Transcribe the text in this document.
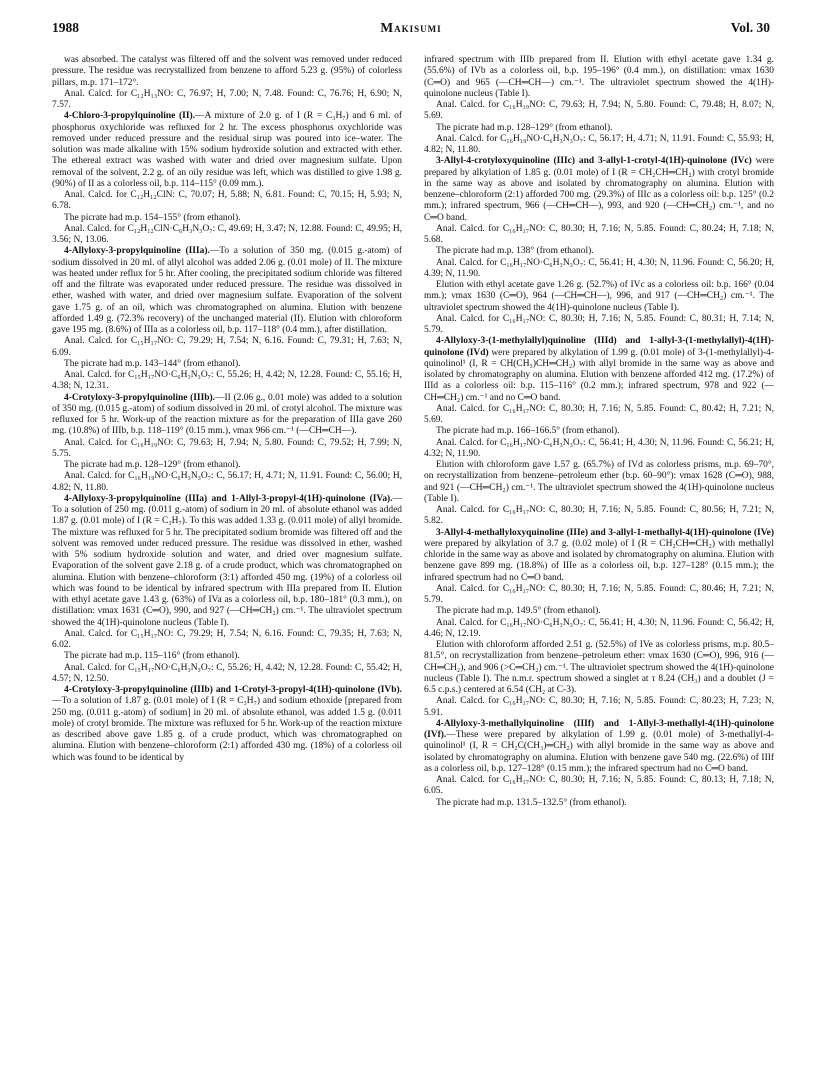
1988	Makisumi	Vol. 30

was absorbed. The catalyst was filtered off and the solvent was removed under reduced pressure. The residue was recrystallized from benzene to afford 5.23 g. (95%) of colorless pillars, m.p. 171–172°.

Anal. Calcd. for C₁₂H₁₃NO: C, 76.97; H, 7.00; N, 7.48. Found: C, 76.76; H, 6.90; N, 7.57.

4-Chloro-3-propylquinoline (II).—A mixture of 2.0 g. of I (R = C₃H₇) and 6 ml. of phosphorus oxychloride was refluxed for 2 hr. The excess phosphorus oxychloride was removed under reduced pressure and the residual sirup was poured into ice–water. The solution was made alkaline with 15% sodium hydroxide solution and extracted with ether. The ethereal extract was washed with water and dried over magnesium sulfate. Upon removal of the solvent, 2.2 g. of an oily residue was left, which was distilled to give 1.98 g. (90%) of II as a colorless oil, b.p. 114–115° (0.09 mm.).

Anal. Calcd. for C₁₂H₁₂ClN: C, 70.07; H, 5.88; N, 6.81. Found: C, 70.15; H, 5.93; N, 6.78.

The picrate had m.p. 154–155° (from ethanol).

Anal. Calcd. for C₁₂H₁₂ClN·C₆H₃N₃O₇: C, 49.69; H, 3.47; N, 12.88. Found: C, 49.95; H, 3.56; N, 13.06.

4-Allyloxy-3-propylquinoline (IIIa).—To a solution of 350 mg. (0.015 g.-atom) of sodium dissolved in 20 ml. of allyl alcohol was added 2.06 g. (0.01 mole) of II. The mixture was heated under reflux for 5 hr. After cooling, the precipitated sodium chloride was filtered off and the filtrate was evaporated under reduced pressure. The residue was dissolved in ether, washed with water, and dried over magnesium sulfate. Evaporation of the solvent gave 1.75 g. of an oil, which was chromatographed on alumina. Elution with benzene afforded 1.49 g. (72.3% recovery) of the unchanged material (II). Elution with chloroform gave 195 mg. (8.6%) of IIIa as a colorless oil, b.p. 117–118° (0.4 mm.), after distillation.

Anal. Calcd. for C₁₅H₁₇NO: C, 79.29; H, 7.54; N, 6.16. Found: C, 79.31; H, 7.63; N, 6.09.

The picrate had m.p. 143–144° (from ethanol).

Anal. Calcd. for C₁₅H₁₇NO·C₆H₃N₃O₇: C, 55.26; H, 4.42; N, 12.28. Found: C, 55.16; H, 4.38; N, 12.31.

4-Crotyloxy-3-propylquinoline (IIIb).—II (2.06 g., 0.01 mole) was added to a solution of 350 mg. (0.015 g.-atom) of sodium dissolved in 20 ml. of crotyl alcohol. The mixture was refluxed for 5 hr. Work-up of the reaction mixture as for the preparation of IIIa gave 260 mg. (10.8%) of IIIb, b.p. 118–119° (0.15 mm.), νmax 966 cm.⁻¹ (—CH═CH—).

Anal. Calcd. for C₁₆H₁₉NO: C, 79.63; H, 7.94; N, 5.80. Found: C, 79.52; H, 7.99; N, 5.75.

The picrate had m.p. 128–129° (from ethanol).

Anal. Calcd. for C₁₆H₁₉NO·C₆H₃N₃O₇: C, 56.17; H, 4.71; N, 11.91. Found: C, 56.00; H, 4.82; N, 11.80.

4-Allyloxy-3-propylquinoline (IIIa) and 1-Allyl-3-propyl-4(1H)-quinolone (IVa).—To a solution of 250 mg. (0.011 g.-atom) of sodium in 20 ml. of absolute ethanol was added 1.87 g. (0.01 mole) of I (R = C₃H₇). To this was added 1.33 g. (0.011 mole) of allyl bromide. The mixture was refluxed for 5 hr. The precipitated sodium bromide was filtered off and the solvent was removed under reduced pressure. The residue was dissolved in ether, washed with 5% sodium hydroxide solution and water, and dried over magnesium sulfate. Evaporation of the solvent gave 2.18 g. of a crude product, which was chromatographed on alumina. Elution with benzene–chloroform (3:1) afforded 450 mg. (19%) of a colorless oil which was found to be identical by infrared spectrum with IIIa prepared from II. Elution with ethyl acetate gave 1.43 g. (63%) of IVa as a colorless oil, b.p. 180–181° (0.3 mm.), on distillation: νmax 1631 (C═O), 990, and 927 (—CH═CH₂) cm.⁻¹. The ultraviolet spectrum showed the 4(1H)-quinolone nucleus (Table I).

Anal. Calcd. for C₁₅H₁₇NO: C, 79.29; H, 7.54; N, 6.16. Found: C, 79.35; H, 7.63; N, 6.02.

The picrate had m.p. 115–116° (from ethanol).

Anal. Calcd. for C₁₅H₁₇NO·C₆H₃N₃O₇: C, 55.26; H, 4.42; N, 12.28. Found: C, 55.42; H, 4.57; N, 12.50.

4-Crotyloxy-3-propylquinoline (IIIb) and 1-Crotyl-3-propyl-4(1H)-quinolone (IVb).—To a solution of 1.87 g. (0.01 mole) of I (R = C₃H₇) and sodium ethoxide [prepared from 250 mg. (0.011 g.-atom) of sodium] in 20 ml. of absolute ethanol, was added 1.5 g. (0.011 mole) of crotyl bromide. The mixture was refluxed for 5 hr. Work-up of the reaction mixture as described above gave 1.85 g. of a crude product, which was chromatographed on alumina. Elution with benzene–chloroform (2:1) afforded 430 mg. (18%) of a colorless oil which was found to be identical by

infrared spectrum with IIIb prepared from II. Elution with ethyl acetate gave 1.34 g. (55.6%) of IVb as a colorless oil, b.p. 195–196° (0.4 mm.), on distillation: νmax 1630 (C═O) and 965 (—CH═CH—) cm.⁻¹. The ultraviolet spectrum showed the 4(1H)-quinolone nucleus (Table I).

Anal. Calcd. for C₁₆H₁₉NO: C, 79.63; H, 7.94; N, 5.80. Found: C, 79.48; H, 8.07; N, 5.69.

The picrate had m.p. 128–129° (from ethanol).

Anal. Calcd. for C₁₆H₁₉NO·C₆H₃N₃O₇: C, 56.17; H, 4.71; N, 11.91. Found: C, 55.93; H, 4.82; N, 11.80.

3-Allyl-4-crotyloxyquinoline (IIIc) and 3-allyl-1-crotyl-4(1H)-quinolone (IVc) were prepared by alkylation of 1.85 g. (0.01 mole) of I (R = CH₂CH═CH₂) with crotyl bromide in the same way as above and isolated by chromatography on alumina. Elution with benzene–chloroform (2:1) afforded 700 mg. (29.3%) of IIIc as a colorless oil: b.p. 125° (0.2 mm.); infrared spectrum, 966 (—CH═CH—), 993, and 920 (—CH═CH₂) cm.⁻¹, and no C═O band.

Anal. Calcd. for C₁₆H₁₇NO: C, 80.30; H, 7.16; N, 5.85. Found: C, 80.24; H, 7.18; N, 5.68.

The picrate had m.p. 138° (from ethanol).

Anal. Calcd. for C₁₆H₁₇NO·C₆H₃N₃O₇: C, 56.41; H, 4.30; N, 11.96. Found: C, 56.20; H, 4.39; N, 11.90.

Elution with ethyl acetate gave 1.26 g. (52.7%) of IVc as a colorless oil: b.p. 166° (0.04 mm.); νmax 1630 (C═O), 964 (—CH═CH—), 996, and 917 (—CH═CH₂) cm.⁻¹. The ultraviolet spectrum showed the 4(1H)-quinolone nucleus (Table I).

Anal. Calcd. for C₁₆H₁₇NO: C, 80.30; H, 7.16; N, 5.85. Found: C, 80.31; H, 7.14; N, 5.79.

4-Allyloxy-3-(1-methylallyl)quinoline (IIId) and 1-allyl-3-(1-methylallyl)-4(1H)-quinolone (IVd) were prepared by alkylation of 1.99 g. (0.01 mole) of 3-(1-methylallyl)-4-quinolinol¹ (I, R = CH(CH₃)CH═CH₂) with allyl bromide in the same way as above and isolated by chromatography on alumina. Elution with benzene afforded 412 mg. (17.2%) of IIId as a colorless oil: b.p. 115–116° (0.2 mm.); infrared spectrum, 978 and 922 (—CH═CH₂) cm.⁻¹ and no C═O band.

Anal. Calcd. for C₁₆H₁₇NO: C, 80.30; H, 7.16; N, 5.85. Found: C, 80.42; H, 7.21; N, 5.69.

The picrate had m.p. 166–166.5° (from ethanol).

Anal. Calcd. for C₁₆H₁₇NO·C₆H₃N₃O₇: C, 56.41; H, 4.30; N, 11.96. Found: C, 56.21; H, 4.32; N, 11.90.

Elution with chloroform gave 1.57 g. (65.7%) of IVd as colorless prisms, m.p. 69–70°, on recrystallization from benzene–petroleum ether (b.p. 60–90°): νmax 1628 (C═O), 988, and 921 (—CH═CH₂) cm.⁻¹. The ultraviolet spectrum showed the 4(1H)-quinolone nucleus (Table I).

Anal. Calcd. for C₁₆H₁₇NO: C, 80.30; H, 7.16; N, 5.85. Found: C, 80.56; H, 7.21; N, 5.82.

3-Allyl-4-methallyloxyquinoline (IIIe) and 3-allyl-1-methallyl-4(1H)-quinolone (IVe) were prepared by alkylation of 3.7 g. (0.02 mole) of I (R = CH₂CH═CH₂) with methallyl chloride in the same way as above and isolated by chromatography on alumina. Elution with benzene gave 899 mg. (18.8%) of IIIe as a colorless oil, b.p. 127–128° (0.15 mm.); the infrared spectrum had no C═O band.

Anal. Calcd. for C₁₆H₁₇NO: C, 80.30; H, 7.16; N, 5.85. Found: C, 80.46; H, 7.21; N, 5.79.

The picrate had m.p. 149.5° (from ethanol).

Anal. Calcd. for C₁₆H₁₇NO·C₆H₃N₃O₇: C, 56.41; H, 4.30; N, 11.96. Found: C, 56.42; H, 4.46; N, 12.19.

Elution with chloroform afforded 2.51 g. (52.5%) of IVe as colorless prisms, m.p. 80.5–81.5°, on recrystallization from benzene–petroleum ether: νmax 1630 (C═O), 996, 916 (—CH═CH₂), and 906 (>C═CH₂) cm.⁻¹. The ultraviolet spectrum showed the 4(1H)-quinolone nucleus (Table I). The n.m.r. spectrum showed a singlet at τ 8.24 (CH₃) and a doublet (J = 6.5 c.p.s.) centered at 6.54 (CH₂ at C-3).

Anal. Calcd. for C₁₆H₁₇NO: C, 80.30; H, 7.16; N, 5.85. Found: C, 80.23; H, 7.23; N, 5.91.

4-Allyloxy-3-methallylquinoline (IIIf) and 1-Allyl-3-methallyl-4(1H)-quinolone (IVf).—These were prepared by alkylation of 1.99 g. (0.01 mole) of 3-methallyl-4-quinolinol¹ (I, R = CH₂C(CH₃)═CH₂) with allyl bromide in the same way as above and isolated by chromatography on alumina. Elution with benzene gave 540 mg. (22.6%) of IIIf as a colorless oil, b.p. 127–128° (0.15 mm.); the infrared spectrum had no C═O band.

Anal. Calcd. for C₁₆H₁₇NO: C, 80.30; H, 7.16; N, 5.85. Found: C, 80.13; H, 7.18; N, 6.05.

The picrate had m.p. 131.5–132.5° (from ethanol).
